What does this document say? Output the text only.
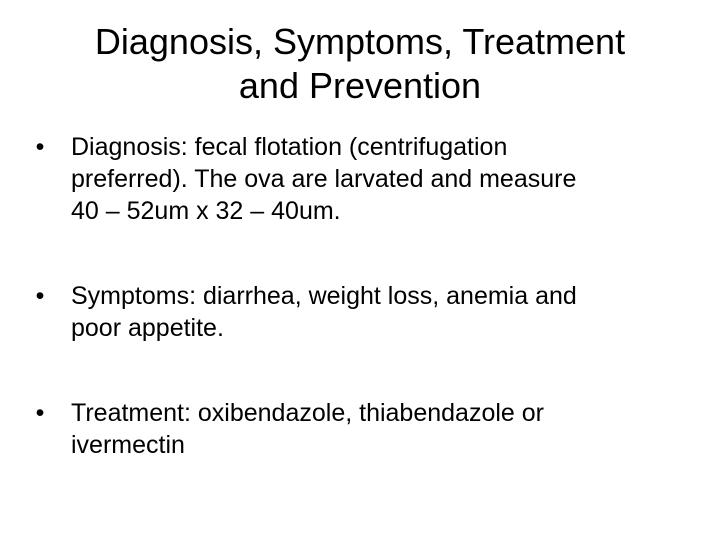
Diagnosis, Symptoms, Treatment
and Prevention
• Diagnosis: fecal flotation (centrifugation
preferred). The ova are larvated and measure
40 – 52um x 32 – 40um.
• Symptoms: diarrhea, weight loss, anemia and
poor appetite.
• Treatment: oxibendazole, thiabendazole or
ivermectin
